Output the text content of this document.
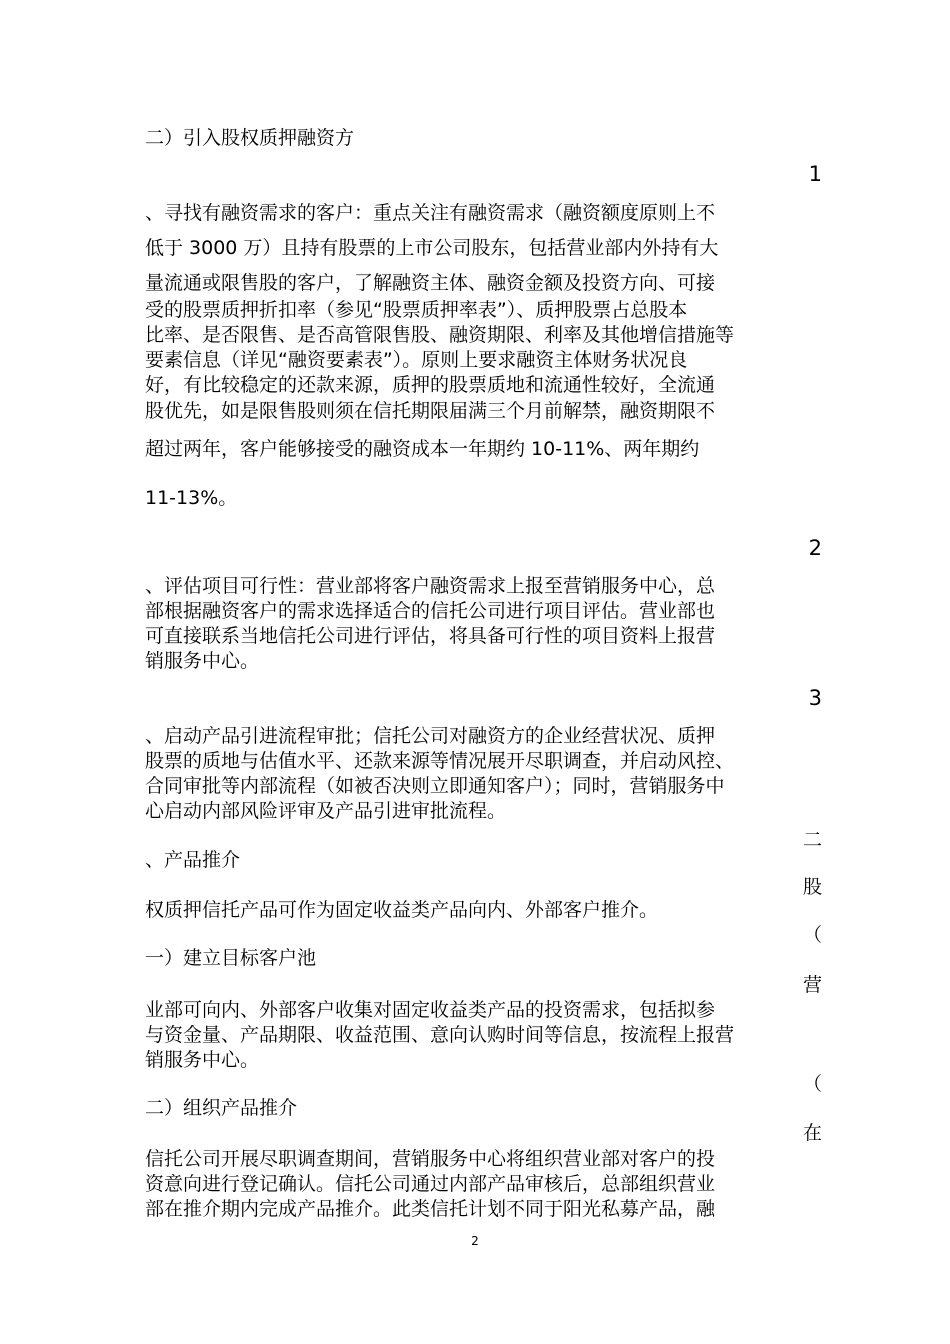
二）引入股权质押融资方
1
、寻找有融资需求的客户：重点关注有融资需求（融资额度原则上不
低于 3000 万）且持有股票的上市公司股东，包括营业部内外持有大
量流通或限售股的客户，了解融资主体、融资金额及投资方向、可接
受的股票质押折扣率（参见“股票质押率表”）、质押股票占总股本
比率、是否限售、是否高管限售股、融资期限、利率及其他增信措施等
要素信息（详见“融资要素表”）。原则上要求融资主体财务状况良
好，有比较稳定的还款来源，质押的股票质地和流通性较好，全流通
股优先，如是限售股则须在信托期限届满三个月前解禁，融资期限不
超过两年，客户能够接受的融资成本一年期约 10-11%、两年期约
11-13%。
2
、评估项目可行性：营业部将客户融资需求上报至营销服务中心，总
部根据融资客户的需求选择适合的信托公司进行项目评估。营业部也
可直接联系当地信托公司进行评估，将具备可行性的项目资料上报营
销服务中心。
3
、启动产品引进流程审批；信托公司对融资方的企业经营状况、质押
股票的质地与估值水平、还款来源等情况展开尽职调查，并启动风控、
合同审批等内部流程（如被否决则立即通知客户）；同时，营销服务中
心启动内部风险评审及产品引进审批流程。
二
、产品推介
股
权质押信托产品可作为固定收益类产品向内、外部客户推介。
（
一）建立目标客户池
营
业部可向内、外部客户收集对固定收益类产品的投资需求，包括拟参
与资金量、产品期限、收益范围、意向认购时间等信息，按流程上报营
销服务中心。
（
二）组织产品推介
在
信托公司开展尽职调查期间，营销服务中心将组织营业部对客户的投
资意向进行登记确认。信托公司通过内部产品审核后，总部组织营业
部在推介期内完成产品推介。此类信托计划不同于阳光私募产品，融
2
